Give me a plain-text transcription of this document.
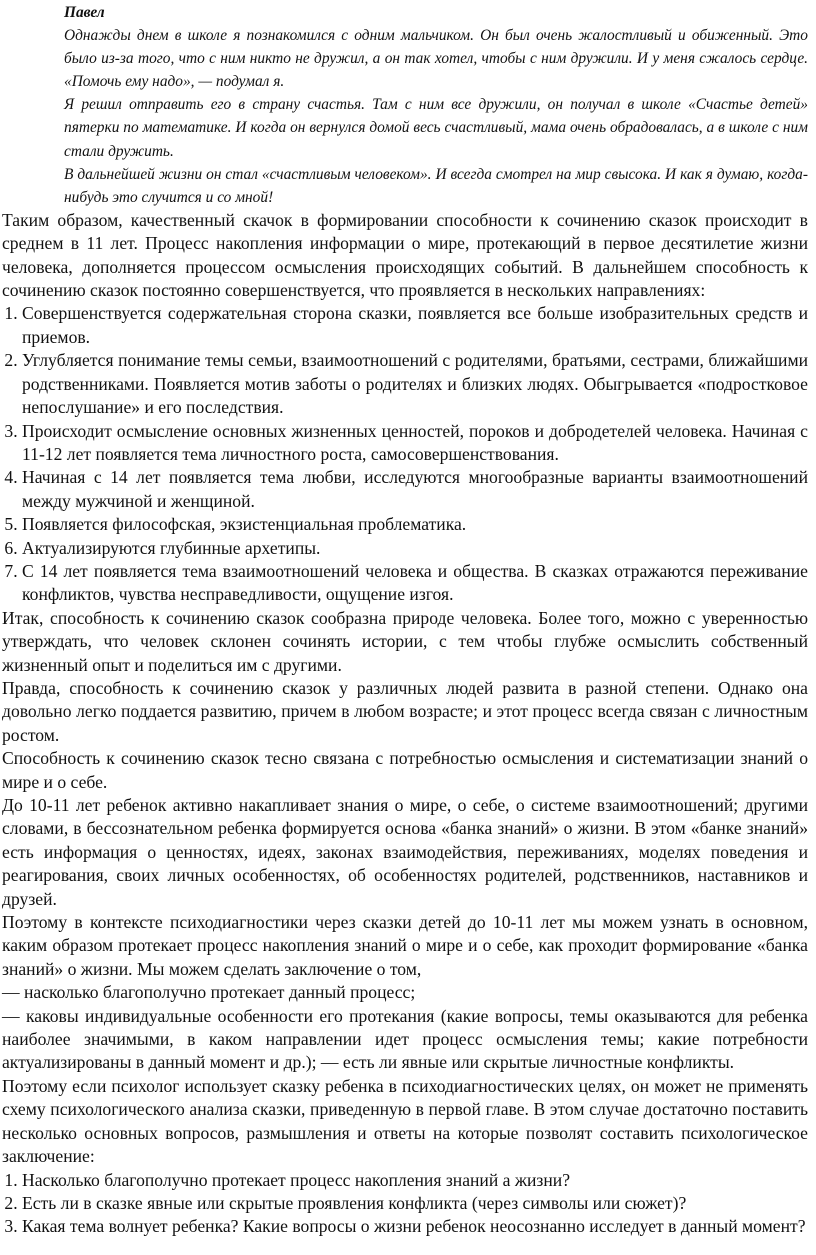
Павел

Однажды днем в школе я познакомился с одним мальчиком. Он был очень жалостливый и обиженный. Это было из-за того, что с ним никто не дружил, а он так хотел, чтобы с ним дружили. И у меня сжалось сердце. «Помочь ему надо», — подумал я.

Я решил отправить его в страну счастья. Там с ним все дружили, он получал в школе «Счастье детей» пятерки по математике. И когда он вернулся домой весь счастливый, мама очень обрадовалась, а в школе с ним стали дружить.

В дальнейшей жизни он стал «счастливым человеком». И всегда смотрел на мир свысока. И как я думаю, когда-нибудь это случится и со мной!

Таким образом, качественный скачок в формировании способности к сочинению сказок происходит в среднем в 11 лет. Процесс накопления информации о мире, протекающий в первое десятилетие жизни человека, дополняется процессом осмысления происходящих событий. В дальнейшем способность к сочинению сказок постоянно совершенствуется, что проявляется в нескольких направлениях:

1. Совершенствуется содержательная сторона сказки, появляется все больше изобразительных средств и приемов.
2. Углубляется понимание темы семьи, взаимоотношений с родителями, братьями, сестрами, ближайшими родственниками. Появляется мотив заботы о родителях и близких людях. Обыгрывается «подростковое непослушание» и его последствия.
3. Происходит осмысление основных жизненных ценностей, пороков и добродетелей человека. Начиная с 11-12 лет появляется тема личностного роста, самосовершенствования.
4. Начиная с 14 лет появляется тема любви, исследуются многообразные варианты взаимоотношений между мужчиной и женщиной.
5. Появляется философская, экзистенциальная проблематика.
6. Актуализируются глубинные архетипы.
7. С 14 лет появляется тема взаимоотношений человека и общества. В сказках отражаются переживание конфликтов, чувства несправедливости, ощущение изгоя.

Итак, способность к сочинению сказок сообразна природе человека. Более того, можно с уверенностью утверждать, что человек склонен сочинять истории, с тем чтобы глубже осмыслить собственный жизненный опыт и поделиться им с другими.

Правда, способность к сочинению сказок у различных людей развита в разной степени. Однако она довольно легко поддается развитию, причем в любом возрасте; и этот процесс всегда связан с личностным ростом.

Способность к сочинению сказок тесно связана с потребностью осмысления и систематизации знаний о мире и о себе.

До 10-11 лет ребенок активно накапливает знания о мире, о себе, о системе взаимоотношений; другими словами, в бессознательном ребенка формируется основа «банка знаний» о жизни. В этом «банке знаний» есть информация о ценностях, идеях, законах взаимодействия, переживаниях, моделях поведения и реагирования, своих личных особенностях, об особенностях родителей, родственников, наставников и друзей.

Поэтому в контексте психодиагностики через сказки детей до 10-11 лет мы можем узнать в основном, каким образом протекает процесс накопления знаний о мире и о себе, как проходит формирование «банка знаний» о жизни. Мы можем сделать заключение о том,

— насколько благополучно протекает данный процесс;

— каковы индивидуальные особенности его протекания (какие вопросы, темы оказываются для ребенка наиболее значимыми, в каком направлении идет процесс осмысления темы; какие потребности актуализированы в данный момент и др.); — есть ли явные или скрытые личностные конфликты.

Поэтому если психолог использует сказку ребенка в психодиагностических целях, он может не применять схему психологического анализа сказки, приведенную в первой главе. В этом случае достаточно поставить несколько основных вопросов, размышления и ответы на которые позволят составить психологическое заключение:

1. Насколько благополучно протекает процесс накопления знаний а жизни?
2. Есть ли в сказке явные или скрытые проявления конфликта (через символы или сюжет)?
3. Какая тема волнует ребенка? Какие вопросы о жизни ребенок неосознанно исследует в данный момент?
